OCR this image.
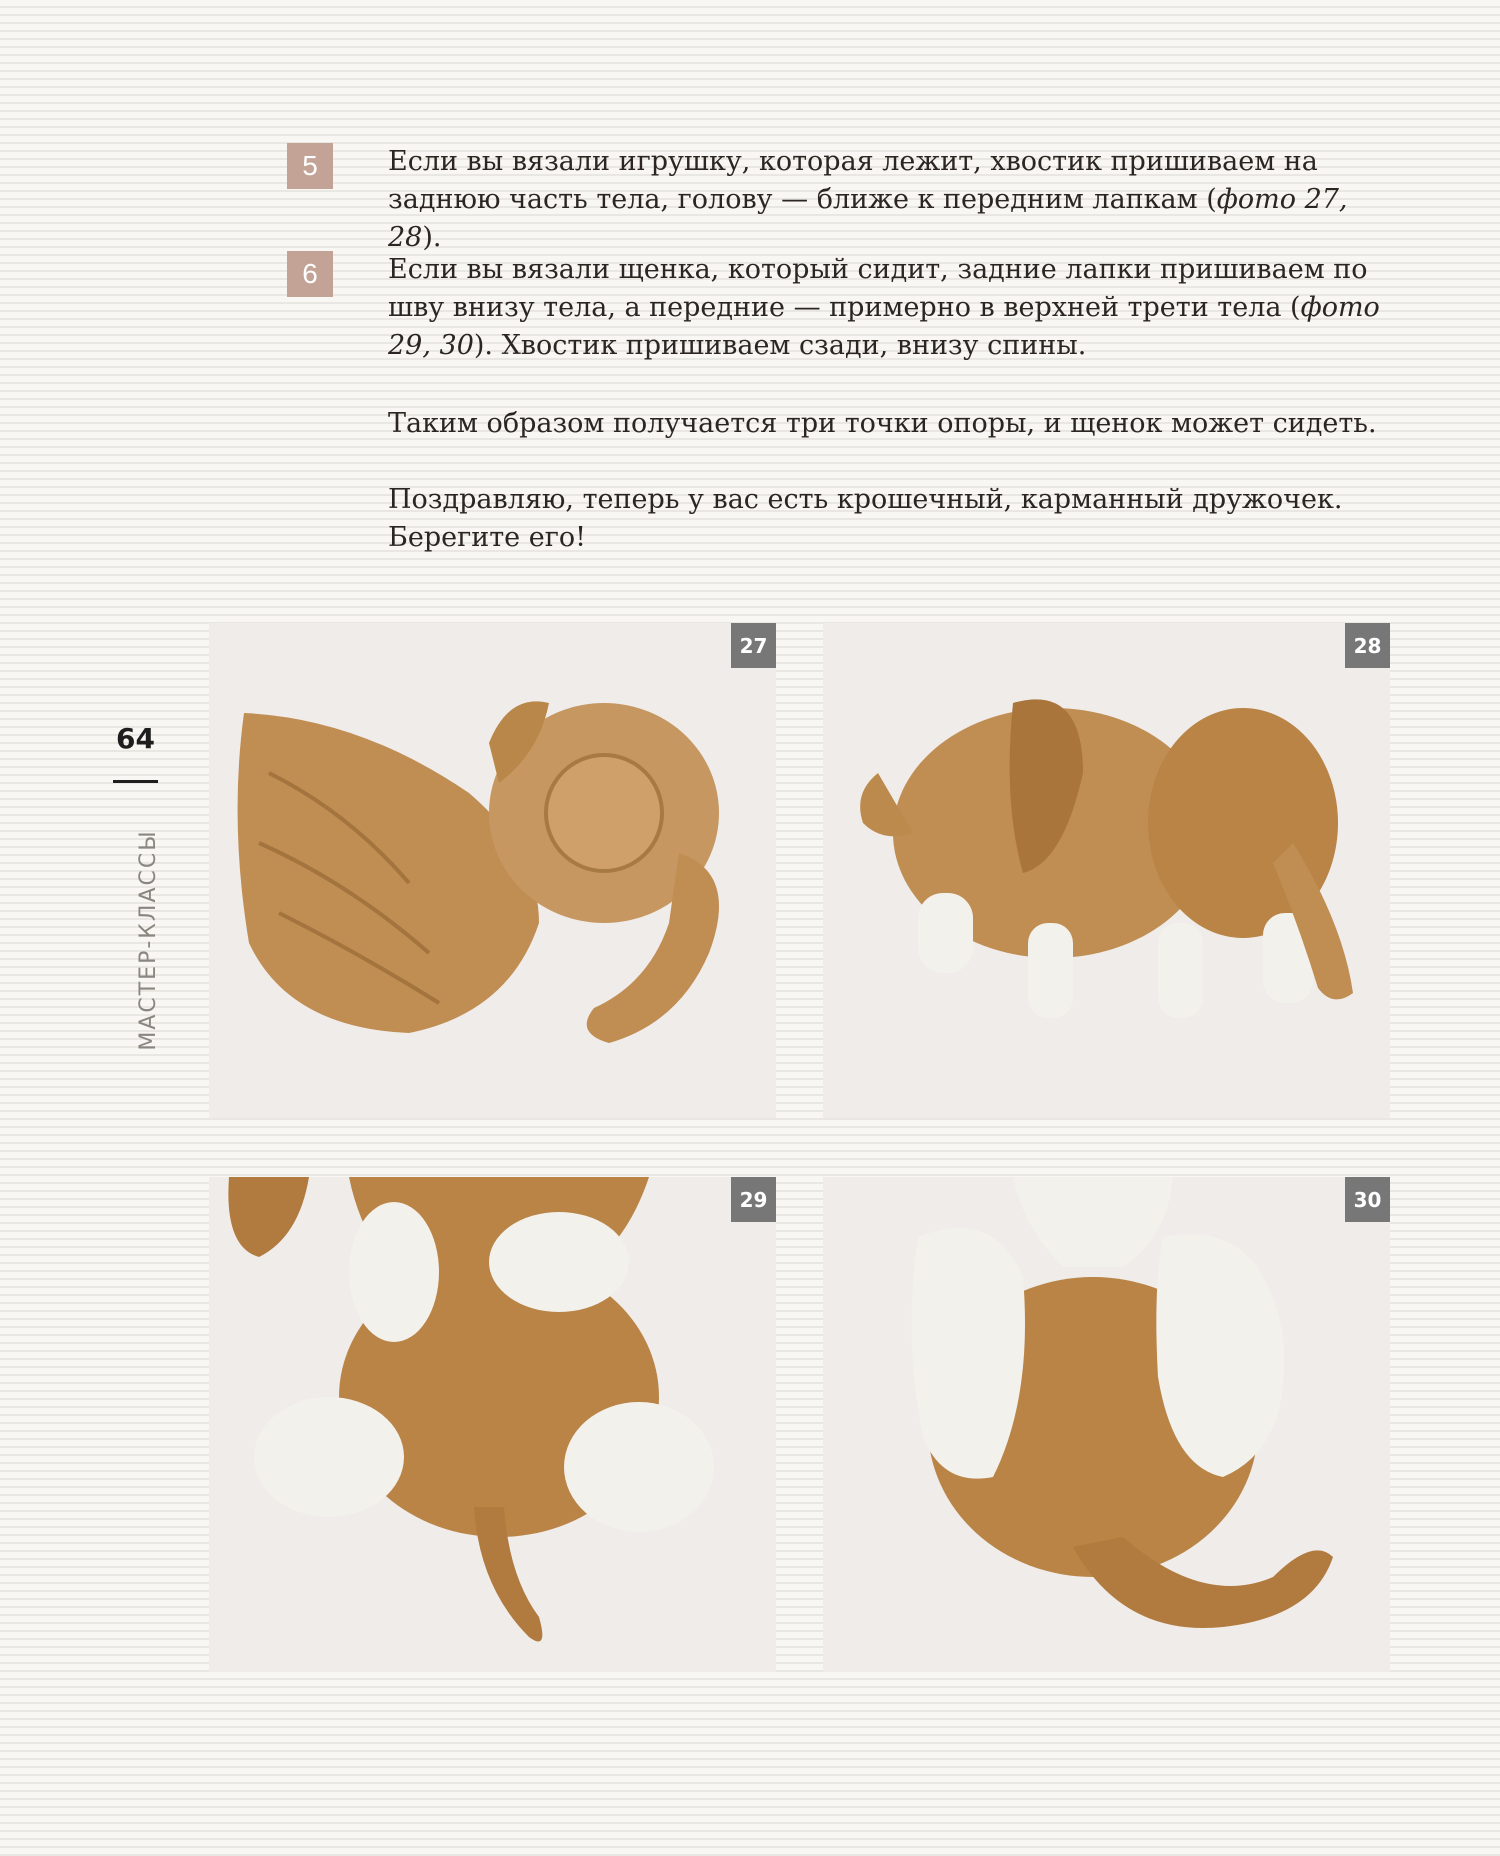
5	Если вы вязали игрушку, которая лежит, хвостик пришиваем на заднюю часть тела, голову — ближе к передним лапкам (фото 27, 28).

6	Если вы вязали щенка, который сидит, задние лапки пришиваем по шву внизу тела, а передние — примерно в верхней трети тела (фото 29, 30). Хвостик пришиваем сзади, внизу спины.

Таким образом получается три точки опоры, и щенок может сидеть.

Поздравляю, теперь у вас есть крошечный, карманный дружочек. Берегите его!

64
МАСТЕР-КЛАССЫ
27	28
29	30
